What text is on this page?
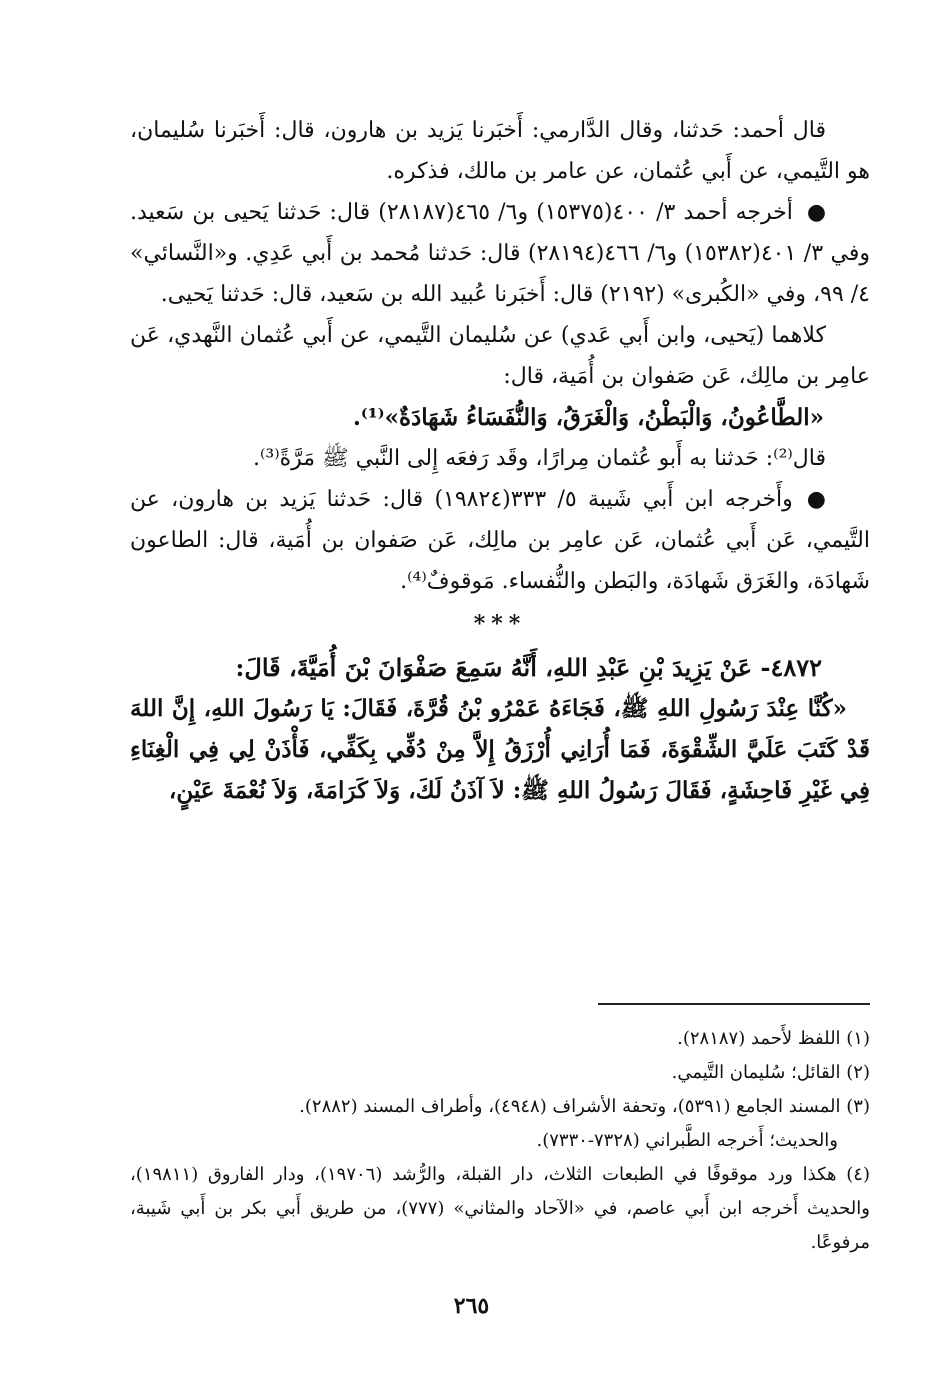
قال أحمد: حَدثنا، وقال الدَّارمي: أَخبَرنا يَزيد بن هارون، قال: أَخبَرنا سُليمان، هو التَّيمي، عن أَبي عُثمان، عن عامر بن مالك، فذكره.

●أخرجه أحمد ٣/ ٤٠٠(١٥٣٧٥) و٦/ ٤٦٥(٢٨١٨٧) قال: حَدثنا يَحيى بن سَعيد. وفي ٣/ ٤٠١(١٥٣٨٢) و٦/ ٤٦٦(٢٨١٩٤) قال: حَدثنا مُحمد بن أَبي عَدِي. و«النَّسائي» ٤/ ٩٩، وفي «الكُبرى» (٢١٩٢) قال: أَخبَرنا عُبيد الله بن سَعيد، قال: حَدثنا يَحيى.

كلاهما (يَحيى، وابن أَبي عَدي) عن سُليمان التَّيمي، عن أَبي عُثمان النَّهدي، عَن عامِر بن مالِك، عَن صَفوان بن أُمَية، قال:

«الطَّاعُونُ، وَالْبَطْنُ، وَالْغَرَقُ، وَالنُّفَسَاءُ شَهَادَةٌ»⁽¹⁾.

قال⁽²⁾: حَدثنا به أَبو عُثمان مِرارًا، وقَد رَفعَه إِلى النَّبي ﷺ مَرَّةً⁽³⁾.

●وأَخرجه ابن أَبي شَيبة ٥/ ٣٣٣(١٩٨٢٤) قال: حَدثنا يَزيد بن هارون، عن التَّيمي، عَن أَبي عُثمان، عَن عامِر بن مالِك، عَن صَفوان بن أُمَية، قال: الطاعون شَهادَة، والغَرَق شَهادَة، والبَطن والنُّفساء. مَوقوفٌ⁽⁴⁾.

***

٤٨٧٢- عَنْ يَزِيدَ بْنِ عَبْدِ اللهِ، أَنَّهُ سَمِعَ صَفْوَانَ بْنَ أُمَيَّةَ، قَالَ:

«كُنَّا عِنْدَ رَسُولِ اللهِ ﷺ، فَجَاءَهُ عَمْرُو بْنُ قُرَّةَ، فَقَالَ: يَا رَسُولَ اللهِ، إِنَّ اللهَ قَدْ كَتَبَ عَلَيَّ الشِّقْوَةَ، فَمَا أُرَانِي أُرْزَقُ إِلاَّ مِنْ دُفِّي بِكَفِّي، فَأْذَنْ لِي فِي الْغِنَاءِ فِي غَيْرِ فَاحِشَةٍ، فَقَالَ رَسُولُ اللهِ ﷺ: لاَ آذَنُ لَكَ، وَلاَ كَرَامَةَ، وَلاَ نُعْمَةَ عَيْنٍ،

(١) اللفظ لأَحمد (٢٨١٨٧).

(٢) القائل؛ سُليمان التَّيمي.

(٣) المسند الجامع (٥٣٩١)، وتحفة الأشراف (٤٩٤٨)، وأطراف المسند (٢٨٨٢).

والحديث؛ أَخرجه الطَّبراني (٧٣٢٨-٧٣٣٠).

(٤) هكذا ورد موقوفًا في الطبعات الثلاث، دار القبلة، والرُّشد (١٩٧٠٦)، ودار الفاروق (١٩٨١١)، والحديث أَخرجه ابن أَبي عاصم، في «الآحاد والمثاني» (٧٧٧)، من طريق أَبي بكر بن أَبي شَيبة، مرفوعًا.

٢٦٥
